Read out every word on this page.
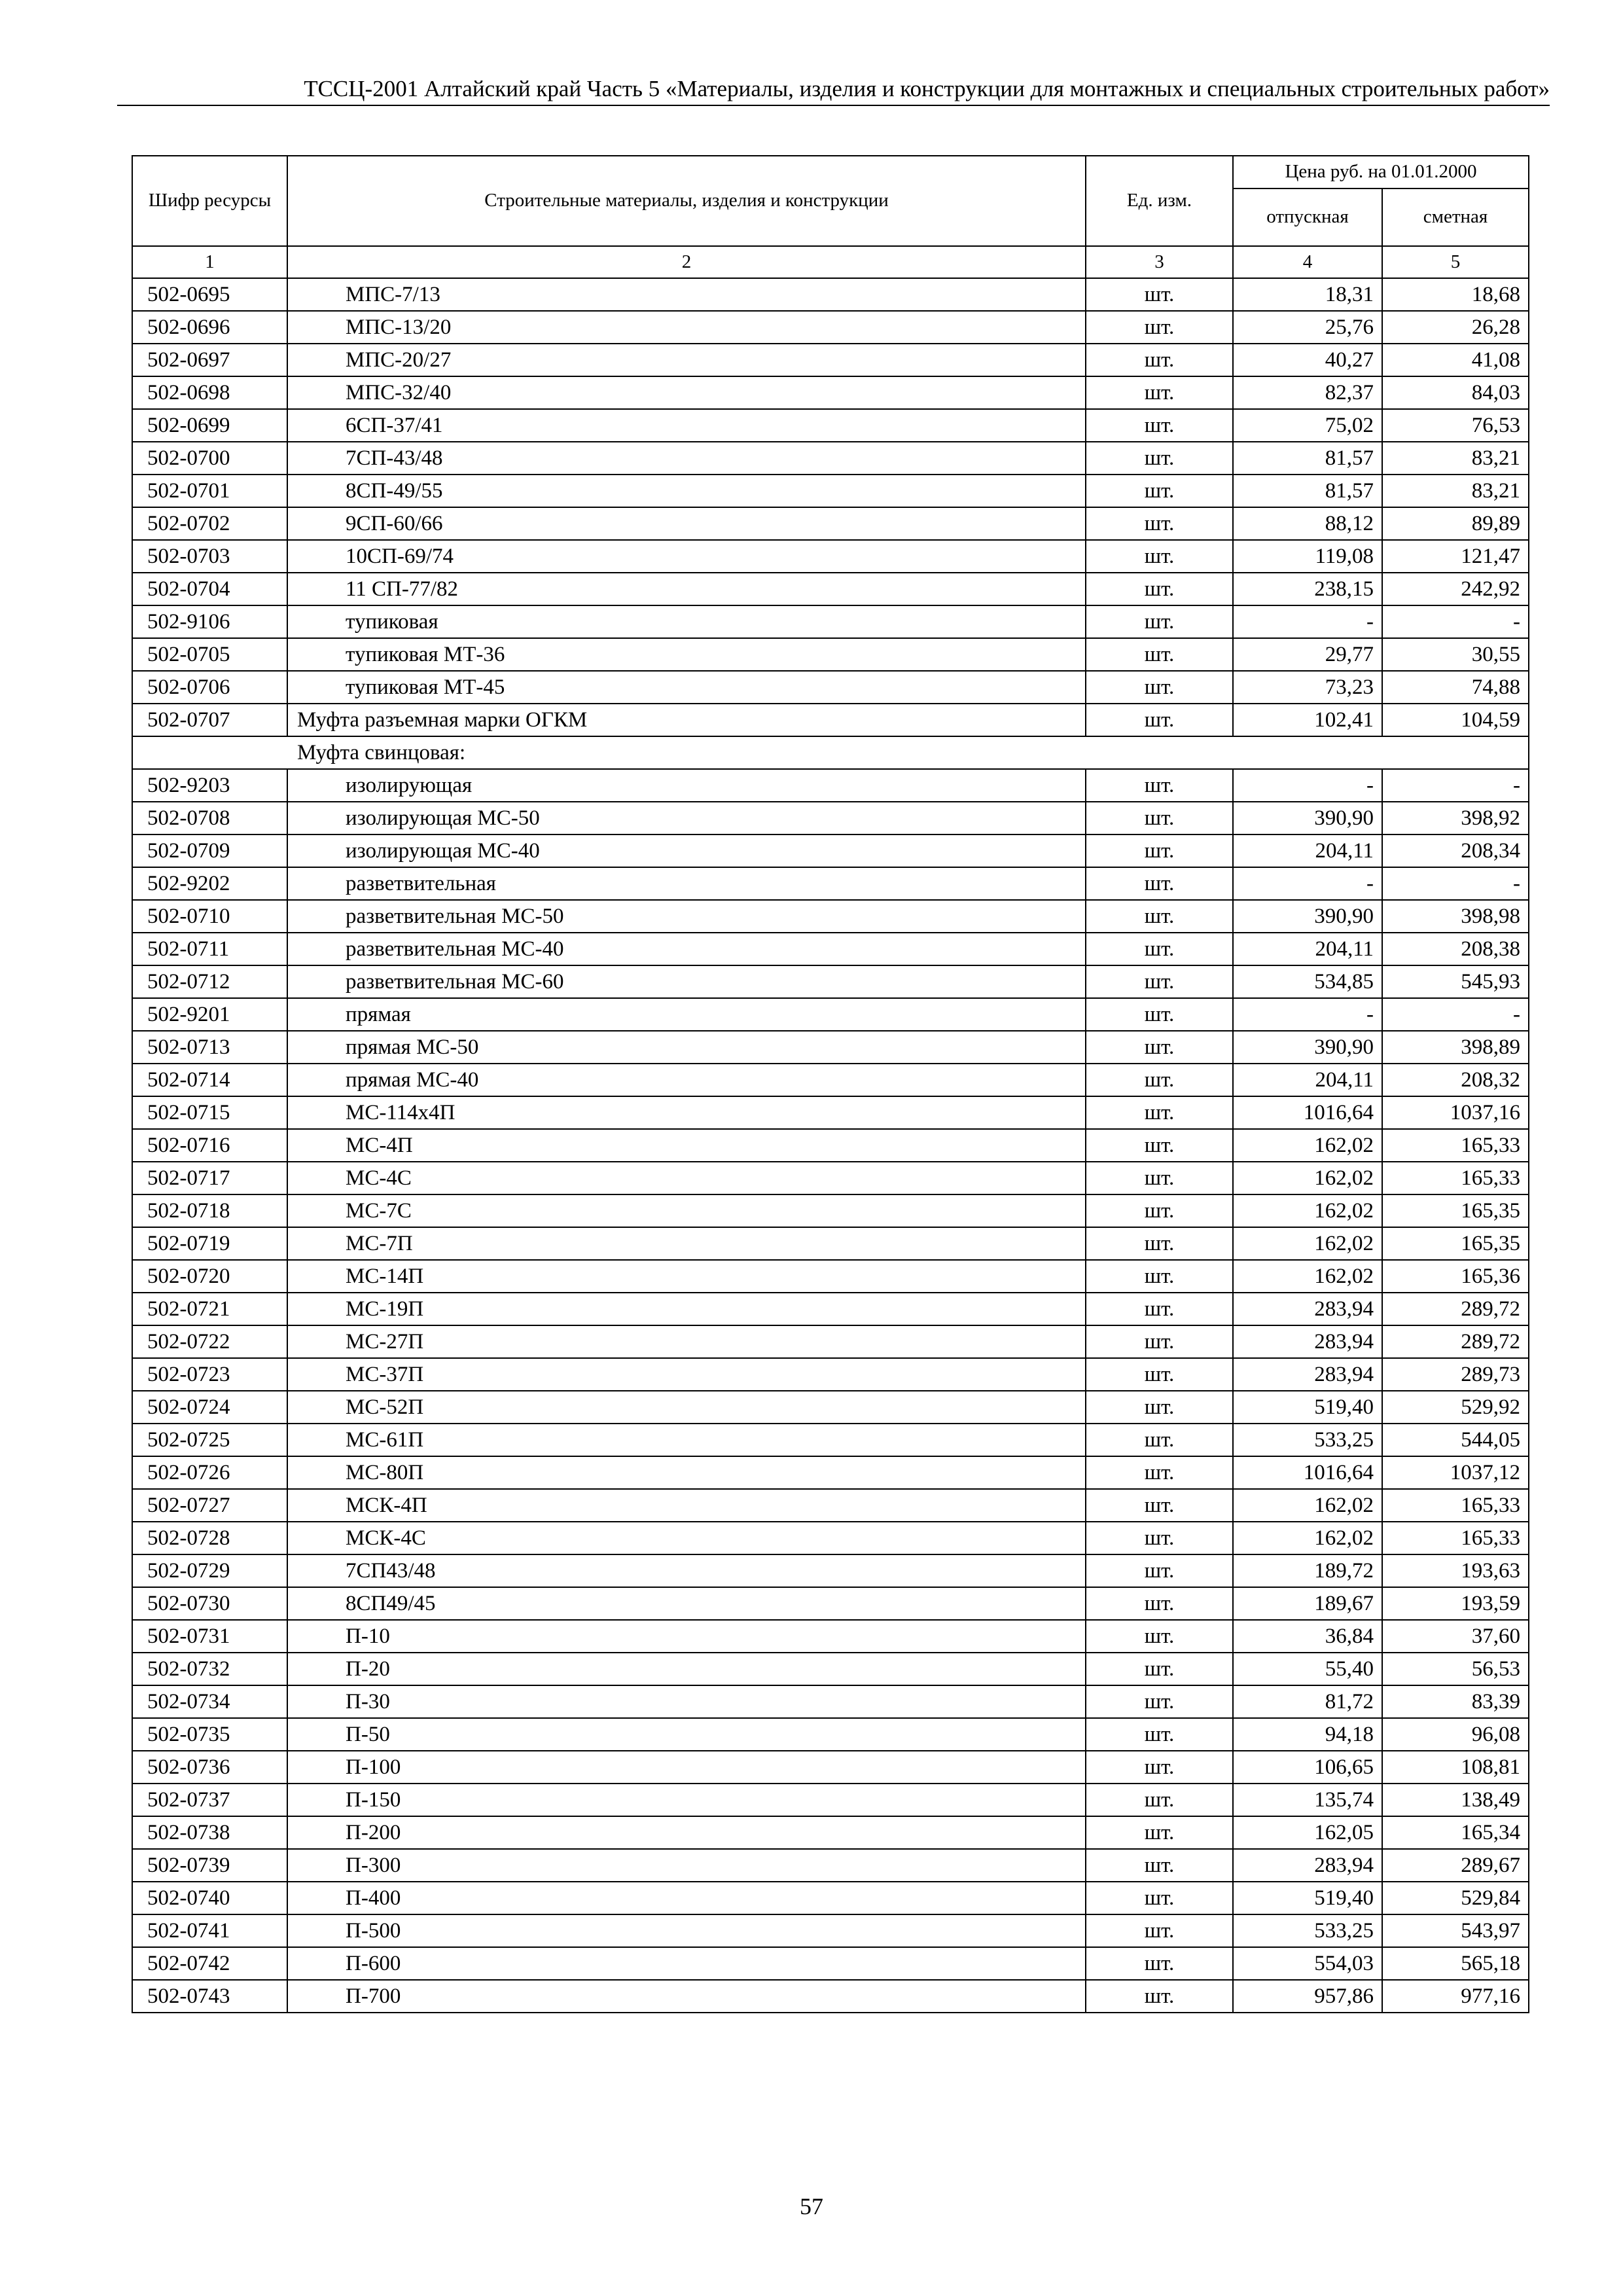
ТССЦ-2001 Алтайский край Часть 5 «Материалы, изделия и конструкции для монтажных и специальных строительных работ»
Шифр ресурсы	Строительные материалы, изделия и конструкции	Ед. изм.	Цена руб. на 01.01.2000	
			отпускная	сметная
1	2	3	4	5
502-0695	МПС-7/13	шт.	18,31	18,68
502-0696	МПС-13/20	шт.	25,76	26,28
502-0697	МПС-20/27	шт.	40,27	41,08
502-0698	МПС-32/40	шт.	82,37	84,03
502-0699	6СП-37/41	шт.	75,02	76,53
502-0700	7СП-43/48	шт.	81,57	83,21
502-0701	8СП-49/55	шт.	81,57	83,21
502-0702	9СП-60/66	шт.	88,12	89,89
502-0703	10СП-69/74	шт.	119,08	121,47
502-0704	11 СП-77/82	шт.	238,15	242,92
502-9106	тупиковая	шт.	-	-
502-0705	тупиковая МТ-36	шт.	29,77	30,55
502-0706	тупиковая МТ-45	шт.	73,23	74,88
502-0707	Муфта разъемная марки ОГКМ	шт.	102,41	104,59
Муфта свинцовая:				
502-9203	изолирующая	шт.	-	-
502-0708	изолирующая МС-50	шт.	390,90	398,92
502-0709	изолирующая МС-40	шт.	204,11	208,34
502-9202	разветвительная	шт.	-	-
502-0710	разветвительная МС-50	шт.	390,90	398,98
502-0711	разветвительная МС-40	шт.	204,11	208,38
502-0712	разветвительная МС-60	шт.	534,85	545,93
502-9201	прямая	шт.	-	-
502-0713	прямая МС-50	шт.	390,90	398,89
502-0714	прямая МС-40	шт.	204,11	208,32
502-0715	МС-114х4П	шт.	1016,64	1037,16
502-0716	МС-4П	шт.	162,02	165,33
502-0717	МС-4С	шт.	162,02	165,33
502-0718	МС-7С	шт.	162,02	165,35
502-0719	МС-7П	шт.	162,02	165,35
502-0720	МС-14П	шт.	162,02	165,36
502-0721	МС-19П	шт.	283,94	289,72
502-0722	МС-27П	шт.	283,94	289,72
502-0723	МС-37П	шт.	283,94	289,73
502-0724	МС-52П	шт.	519,40	529,92
502-0725	МС-61П	шт.	533,25	544,05
502-0726	МС-80П	шт.	1016,64	1037,12
502-0727	МСК-4П	шт.	162,02	165,33
502-0728	МСК-4С	шт.	162,02	165,33
502-0729	7СП43/48	шт.	189,72	193,63
502-0730	8СП49/45	шт.	189,67	193,59
502-0731	П-10	шт.	36,84	37,60
502-0732	П-20	шт.	55,40	56,53
502-0734	П-30	шт.	81,72	83,39
502-0735	П-50	шт.	94,18	96,08
502-0736	П-100	шт.	106,65	108,81
502-0737	П-150	шт.	135,74	138,49
502-0738	П-200	шт.	162,05	165,34
502-0739	П-300	шт.	283,94	289,67
502-0740	П-400	шт.	519,40	529,84
502-0741	П-500	шт.	533,25	543,97
502-0742	П-600	шт.	554,03	565,18
502-0743	П-700	шт.	957,86	977,16
57
